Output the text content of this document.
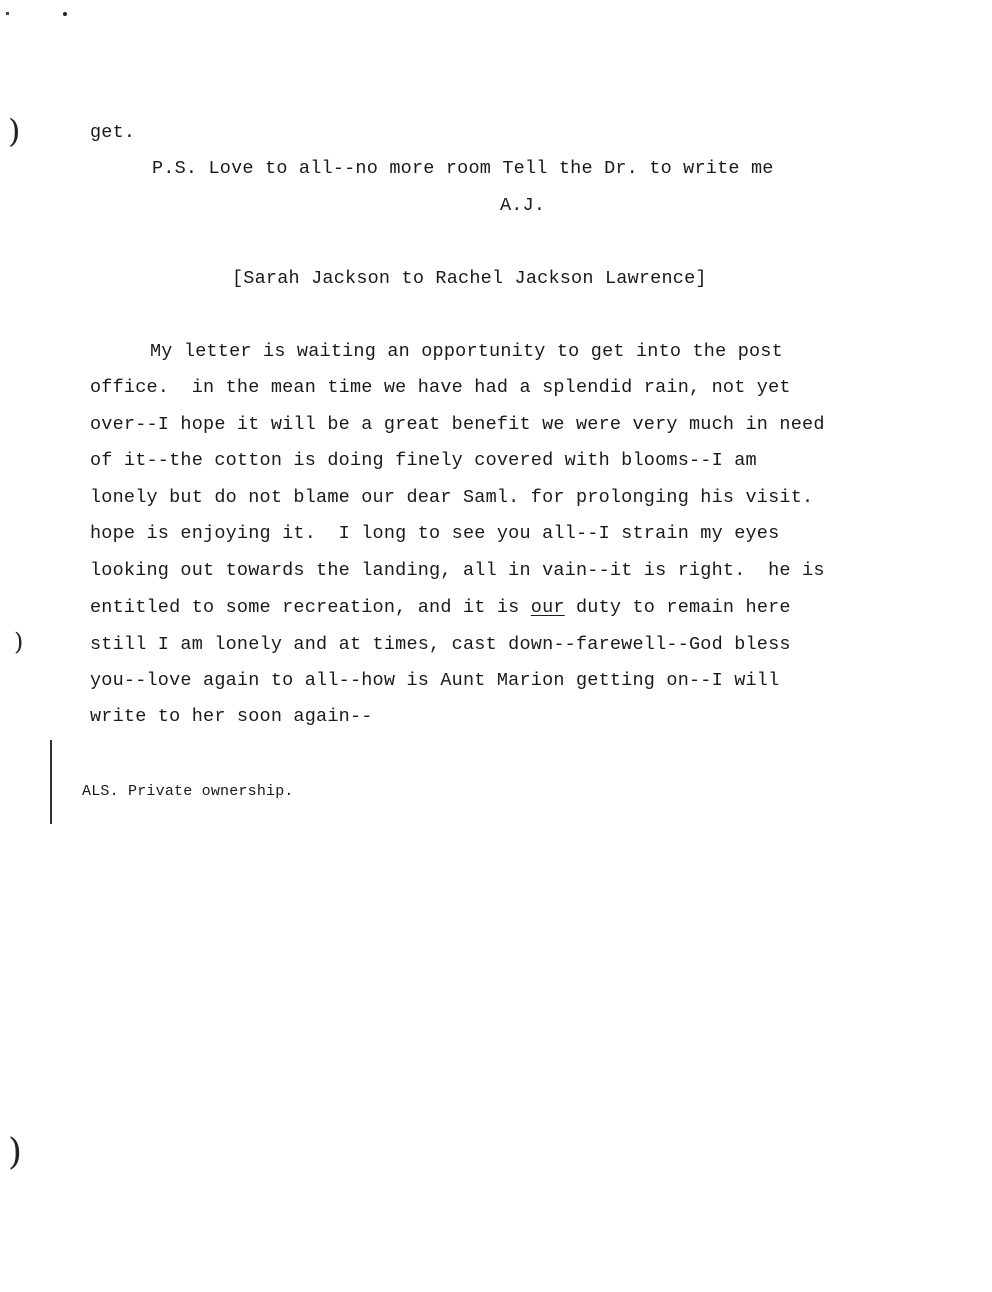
)
)
)
get.
P.S. Love to all--no more room Tell the Dr. to write me
A.J.
[Sarah Jackson to Rachel Jackson Lawrence]
My letter is waiting an opportunity to get into the post
office.  in the mean time we have had a splendid rain, not yet
over--I hope it will be a great benefit we were very much in need
of it--the cotton is doing finely covered with blooms--I am
lonely but do not blame our dear Saml. for prolonging his visit.
hope is enjoying it.  I long to see you all--I strain my eyes
looking out towards the landing, all in vain--it is right.  he is
entitled to some recreation, and it is our duty to remain here
still I am lonely and at times, cast down--farewell--God bless
you--love again to all--how is Aunt Marion getting on--I will
write to her soon again--
ALS. Private ownership.
